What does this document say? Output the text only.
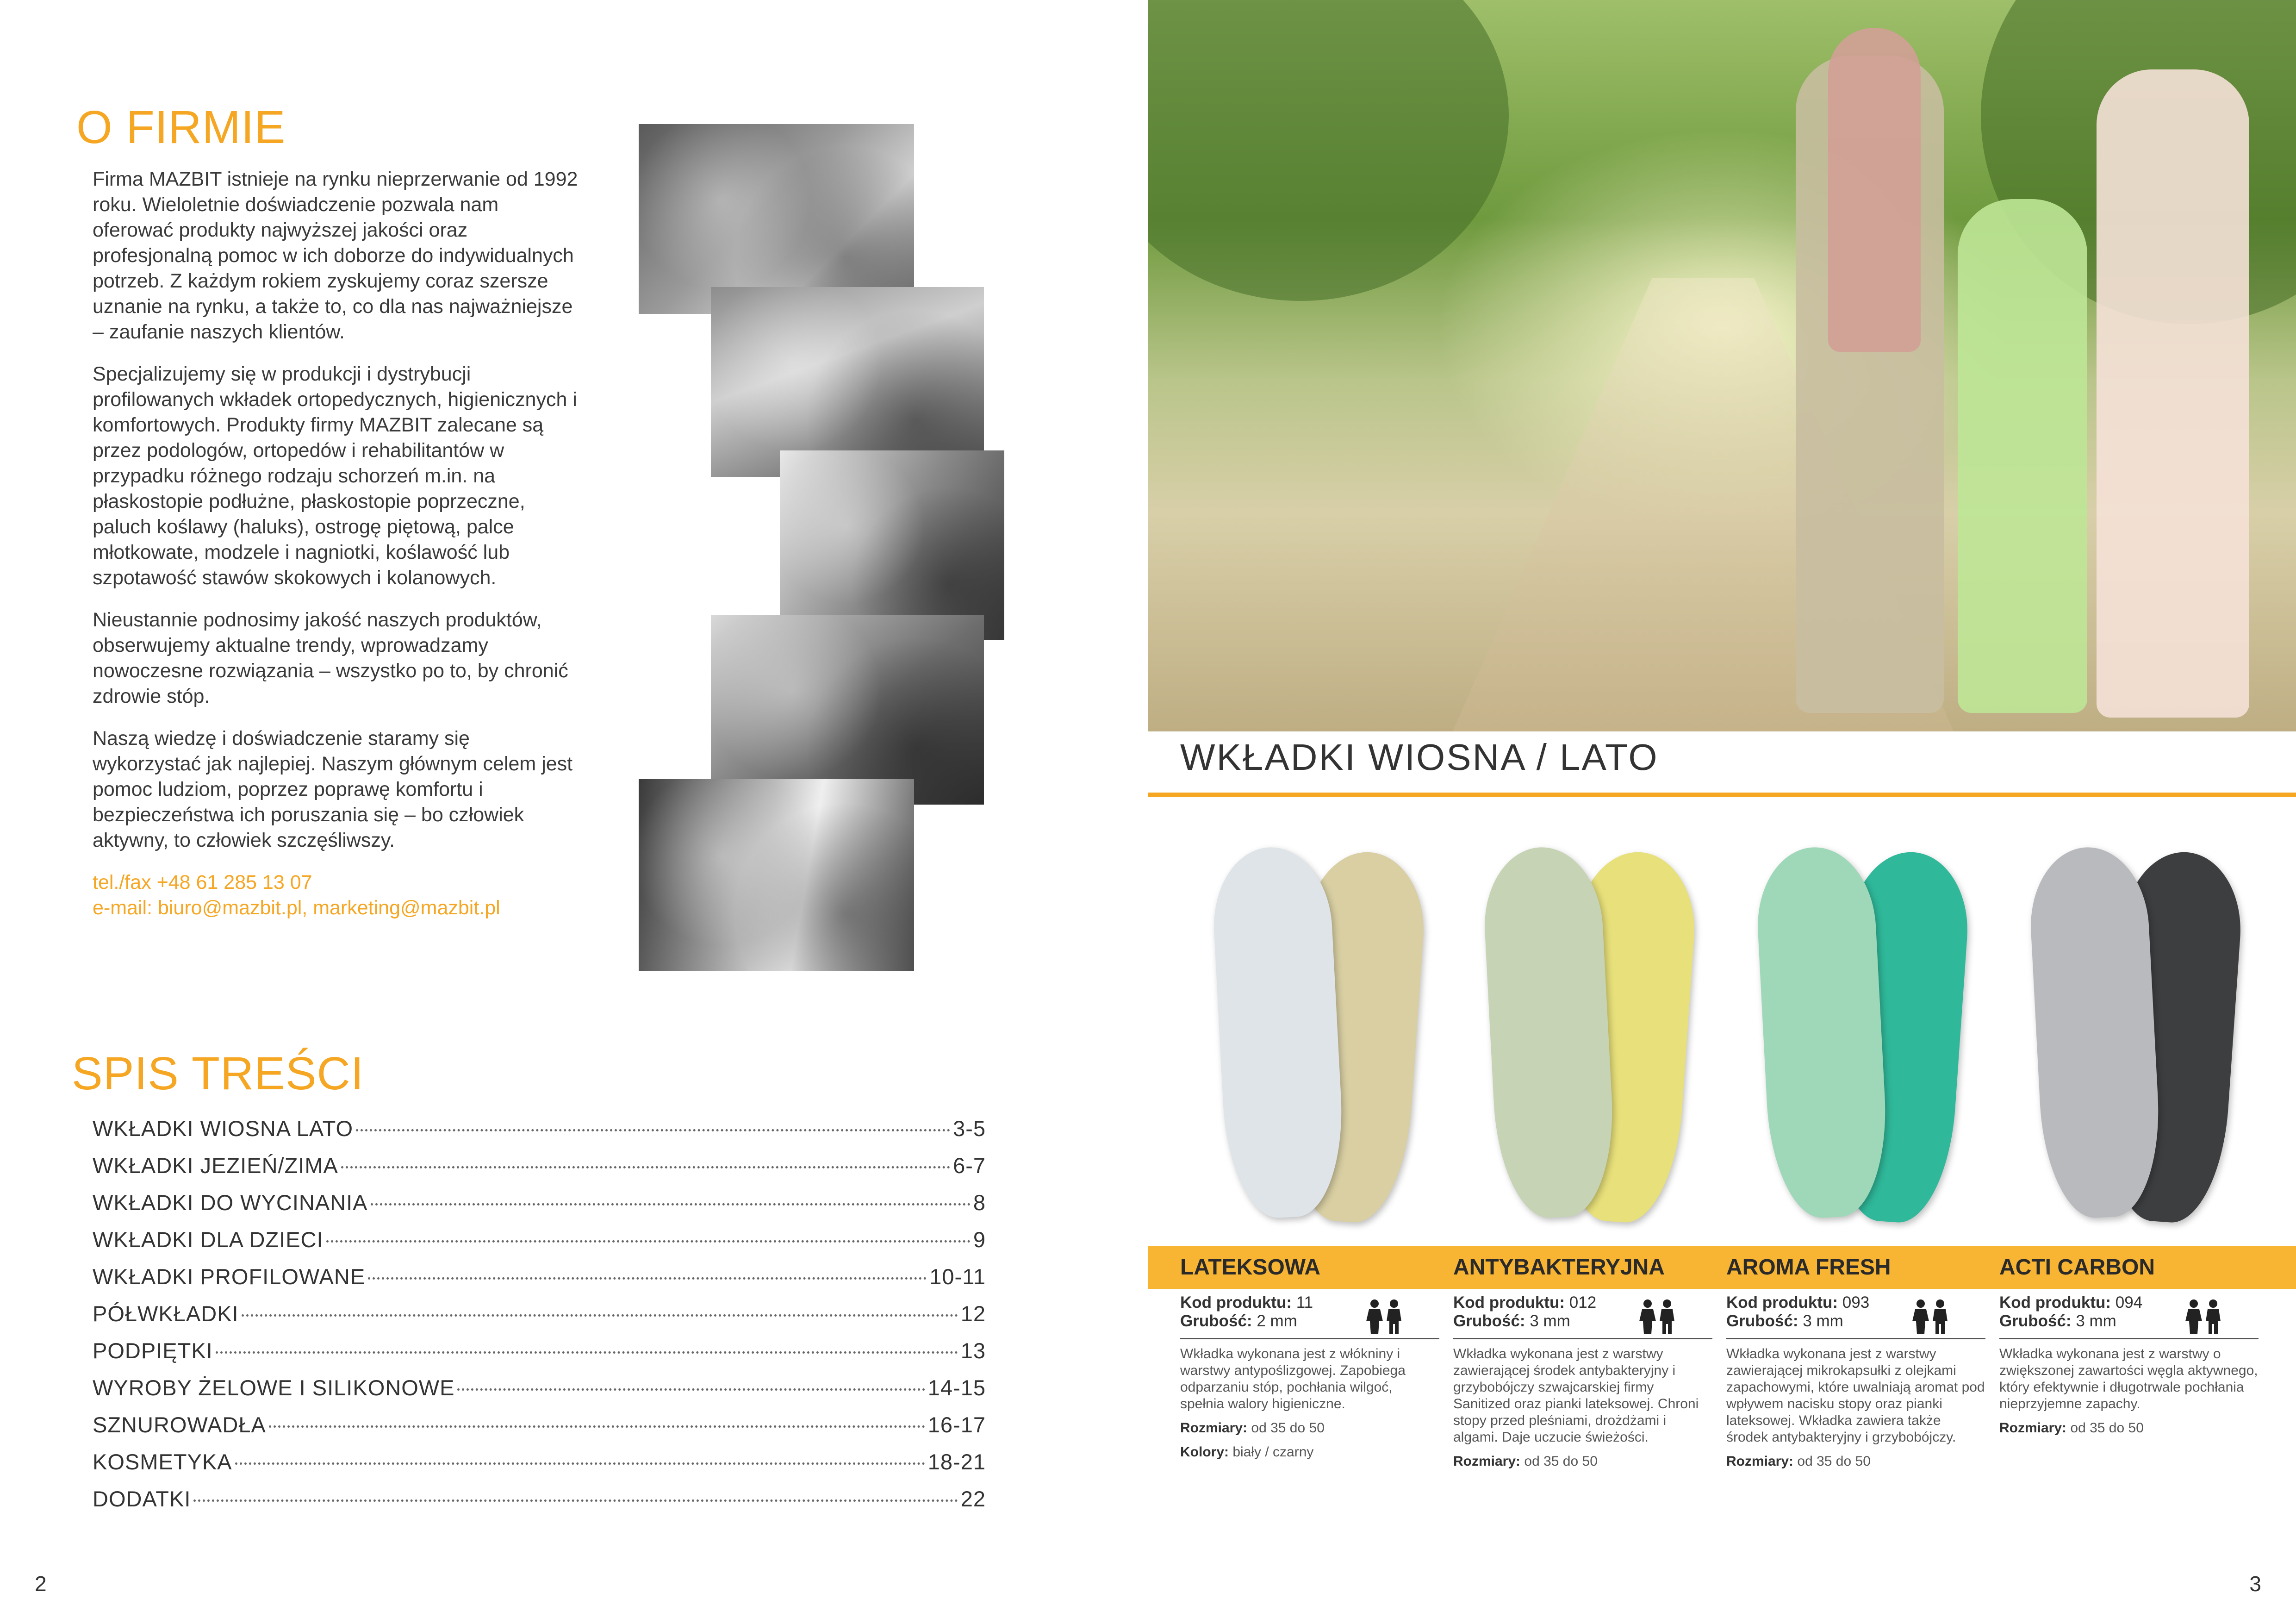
O FIRMIE

Firma MAZBIT istnieje na rynku nieprzerwanie od 1992 roku. Wieloletnie doświadczenie pozwala nam oferować produkty najwyższej jakości oraz profesjonalną pomoc w ich doborze do indywidualnych potrzeb. Z każdym rokiem zyskujemy coraz szersze uznanie na rynku, a także to, co dla nas najważniejsze – zaufanie naszych klientów.

Specjalizujemy się w produkcji i dystrybucji profilowanych wkładek ortopedycznych, higienicznych i komfortowych. Produkty firmy MAZBIT zalecane są przez podologów, ortopedów i rehabilitantów w przypadku różnego rodzaju schorzeń m.in. na płaskostopie podłużne, płaskostopie poprzeczne, paluch koślawy (haluks), ostrogę piętową, palce młotkowate, modzele i nagniotki, koślawość lub szpotawość stawów skokowych i kolanowych.

Nieustannie podnosimy jakość naszych produktów, obserwujemy aktualne trendy, wprowadzamy nowoczesne rozwiązania – wszystko po to, by chronić zdrowie stóp.

Naszą wiedzę i doświadczenie staramy się wykorzystać jak najlepiej. Naszym głównym celem jest pomoc ludziom, poprzez poprawę komfortu i bezpieczeństwa ich poruszania się – bo człowiek aktywny, to człowiek szczęśliwszy.

tel./fax +48 61 285 13 07
e-mail: biuro@mazbit.pl, marketing@mazbit.pl
SPIS TREŚCI
WKŁADKI WIOSNA LATO	3-5
WKŁADKI JEZIEŃ/ZIMA	6-7
WKŁADKI DO WYCINANIA	8
WKŁADKI DLA DZIECI	9
WKŁADKI PROFILOWANE	10-11
PÓŁWKŁADKI	12
PODPIĘTKI	13
WYROBY ŻELOWE I SILIKONOWE	14-15
SZNUROWADŁA	16-17
KOSMETYKA	18-21
DODATKI	22
2
WKŁADKI WIOSNA / LATO
LATEKSOWA
Kod produktu: 11
Grubość: 2 mm

Wkładka wykonana jest z włókniny i warstwy antypoślizgowej. Zapobiega odparzaniu stóp, pochłania wilgoć, spełnia walory higieniczne.

Rozmiary: od 35 do 50

Kolory: biały / czarny

ANTYBAKTERYJNA
Kod produktu: 012
Grubość: 3 mm

Wkładka wykonana jest z warstwy zawierającej środek antybakteryjny i grzybobójczy szwajcarskiej firmy Sanitized oraz pianki lateksowej. Chroni stopy przed pleśniami, drożdżami i algami. Daje uczucie świeżości.

Rozmiary: od 35 do 50

AROMA FRESH
Kod produktu: 093
Grubość: 3 mm

Wkładka wykonana jest z warstwy zawierającej mikrokapsułki z olejkami zapachowymi, które uwalniają aromat pod wpływem nacisku stopy oraz pianki lateksowej. Wkładka zawiera także środek antybakteryjny i grzybobójczy.

Rozmiary: od 35 do 50

ACTI CARBON
Kod produktu: 094
Grubość: 3 mm

Wkładka wykonana jest z warstwy o zwiększonej zawartości węgla aktywnego, który efektywnie i długotrwale pochłania nieprzyjemne zapachy.

Rozmiary: od 35 do 50

3
